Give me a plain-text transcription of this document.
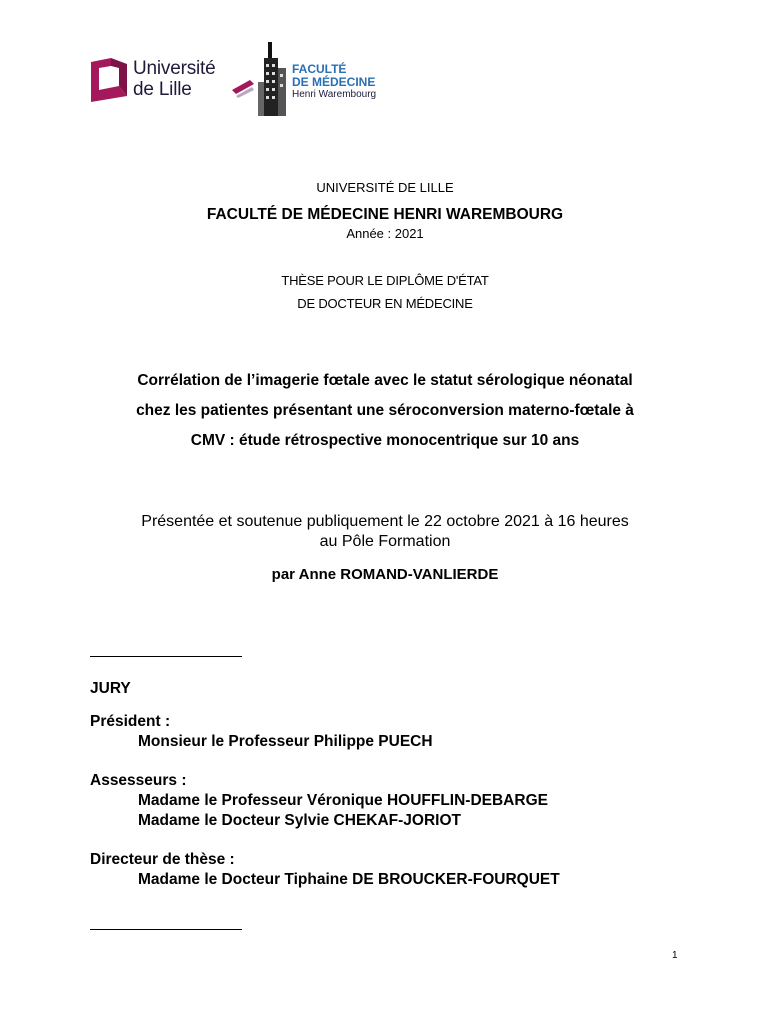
Université
de Lille
FACULTÉ
DE MÉDECINE
Henri Warembourg
UNIVERSITÉ DE LILLE
FACULTÉ DE MÉDECINE HENRI WAREMBOURG
Année : 2021
THÈSE POUR LE DIPLÔME D'ÉTAT
DE DOCTEUR EN MÉDECINE
Corrélation de l’imagerie fœtale avec le statut sérologique néonatal
chez les patientes présentant une séroconversion materno-fœtale à
CMV : étude rétrospective monocentrique sur 10 ans
Présentée et soutenue publiquement le 22 octobre 2021 à 16 heures
au Pôle Formation
par Anne ROMAND-VANLIERDE
JURY
Président :
Monsieur le Professeur Philippe PUECH
Assesseurs :
Madame le Professeur Véronique HOUFFLIN-DEBARGE
Madame le Docteur Sylvie CHEKAF-JORIOT
Directeur de thèse :
Madame le Docteur Tiphaine DE BROUCKER-FOURQUET
1
